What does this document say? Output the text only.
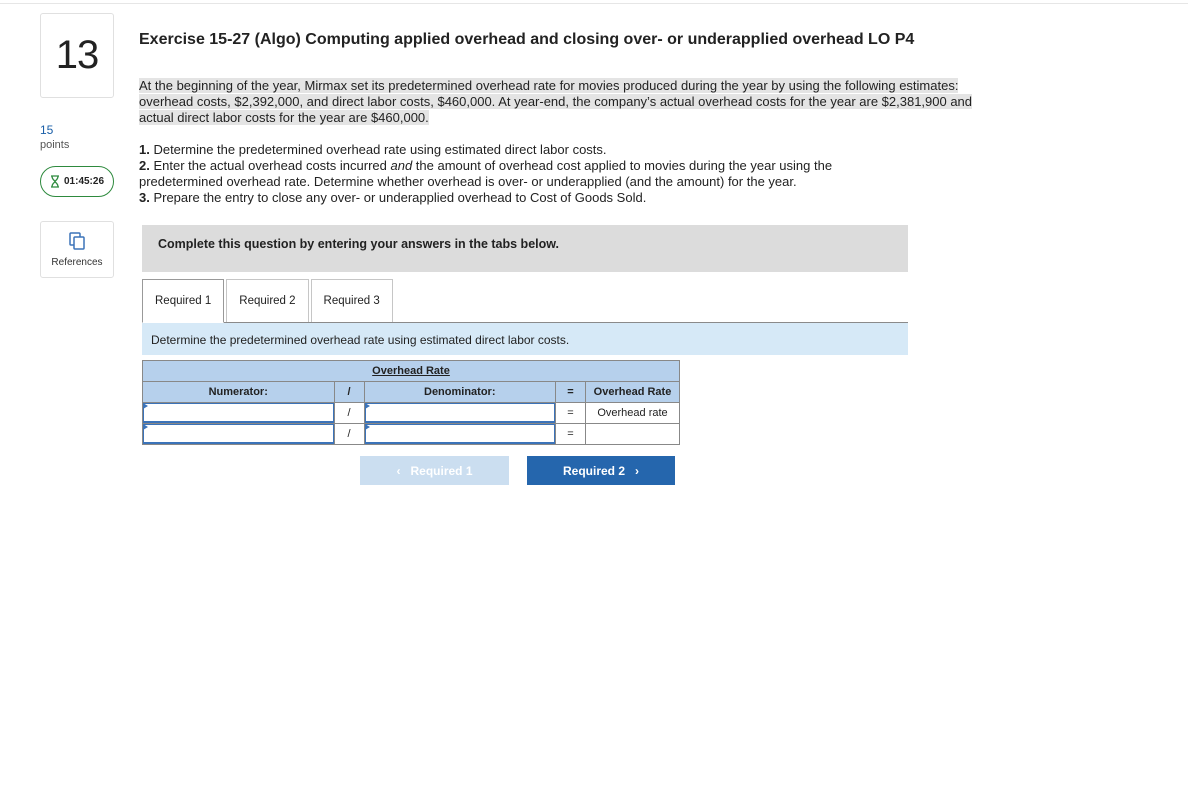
13
15
points
01:45:26
References
Exercise 15-27 (Algo) Computing applied overhead and closing over- or underapplied overhead LO P4
At the beginning of the year, Mirmax set its predetermined overhead rate for movies produced during the year by using the following estimates: overhead costs, $2,392,000, and direct labor costs, $460,000. At year-end, the company’s actual overhead costs for the year are $2,381,900 and actual direct labor costs for the year are $460,000.
1. Determine the predetermined overhead rate using estimated direct labor costs.
2. Enter the actual overhead costs incurred and the amount of overhead cost applied to movies during the year using the predetermined overhead rate. Determine whether overhead is over- or underapplied (and the amount) for the year.
3. Prepare the entry to close any over- or underapplied overhead to Cost of Goods Sold.
Complete this question by entering your answers in the tabs below.
Required 1	Required 2	Required 3
Determine the predetermined overhead rate using estimated direct labor costs.
Overhead Rate				
Numerator:	/	Denominator:	=	Overhead Rate
	/		=	Overhead rate
	/		=	
‹ Required 1	Required 2 ›
